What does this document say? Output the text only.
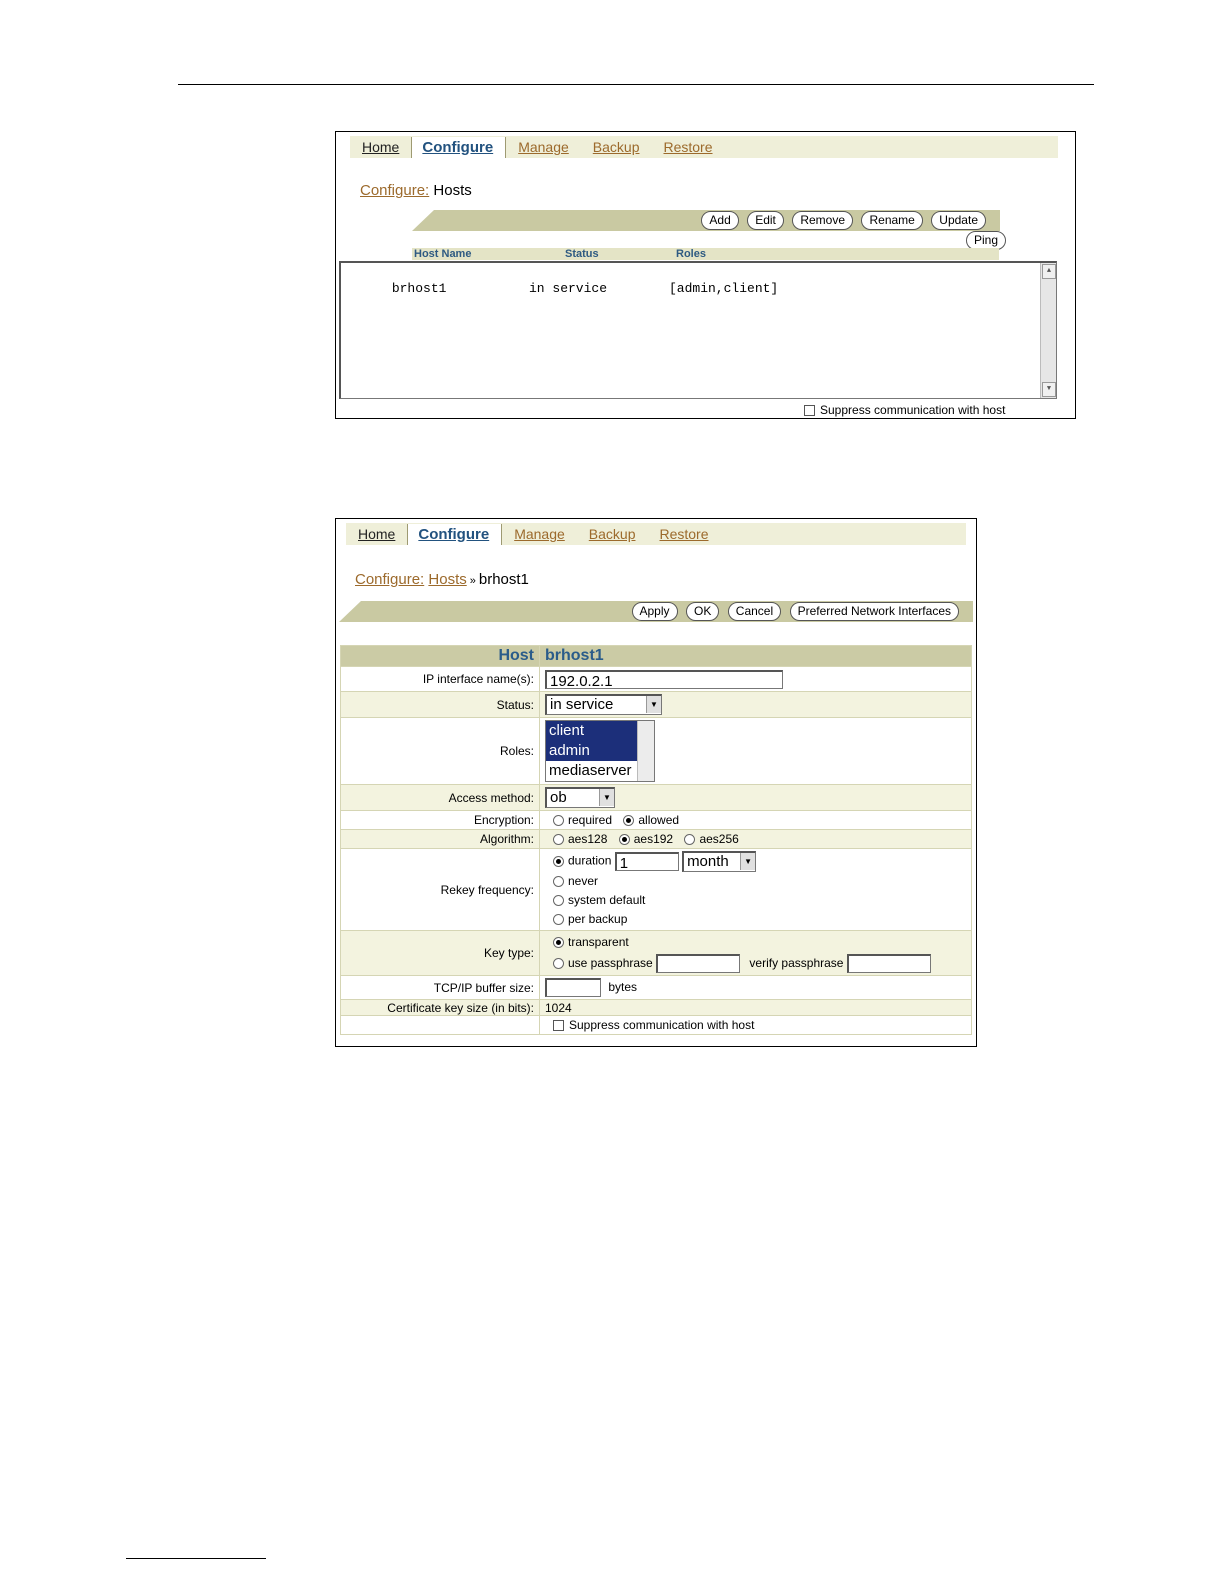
Home	Configure	Manage	Backup	Restore
Configure: Hosts
Add Edit Remove Rename Update
Ping
Host Name	Status	Roles

brhost1	in service	[admin,client]

▲
▼
Suppress communication with host
Home	Configure	Manage	Backup	Restore
Configure: Hosts » brhost1
Apply OK Cancel Preferred Network Interfaces
Host	brhost1
IP interface name(s):	192.0.2.1
Status:	in service ▼

Roles:	client
admin
mediaserver

Access method:	ob ▼

Encryption:	required allowed
Algorithm:	aes128 aes192 aes256
Rekey frequency:	duration 1 month ▼
never
system default
per backup

Key type:	transparent
use passphrase verify passphrase

TCP/IP buffer size:	bytes
Certificate key size (in bits):	1024
	Suppress communication with host
